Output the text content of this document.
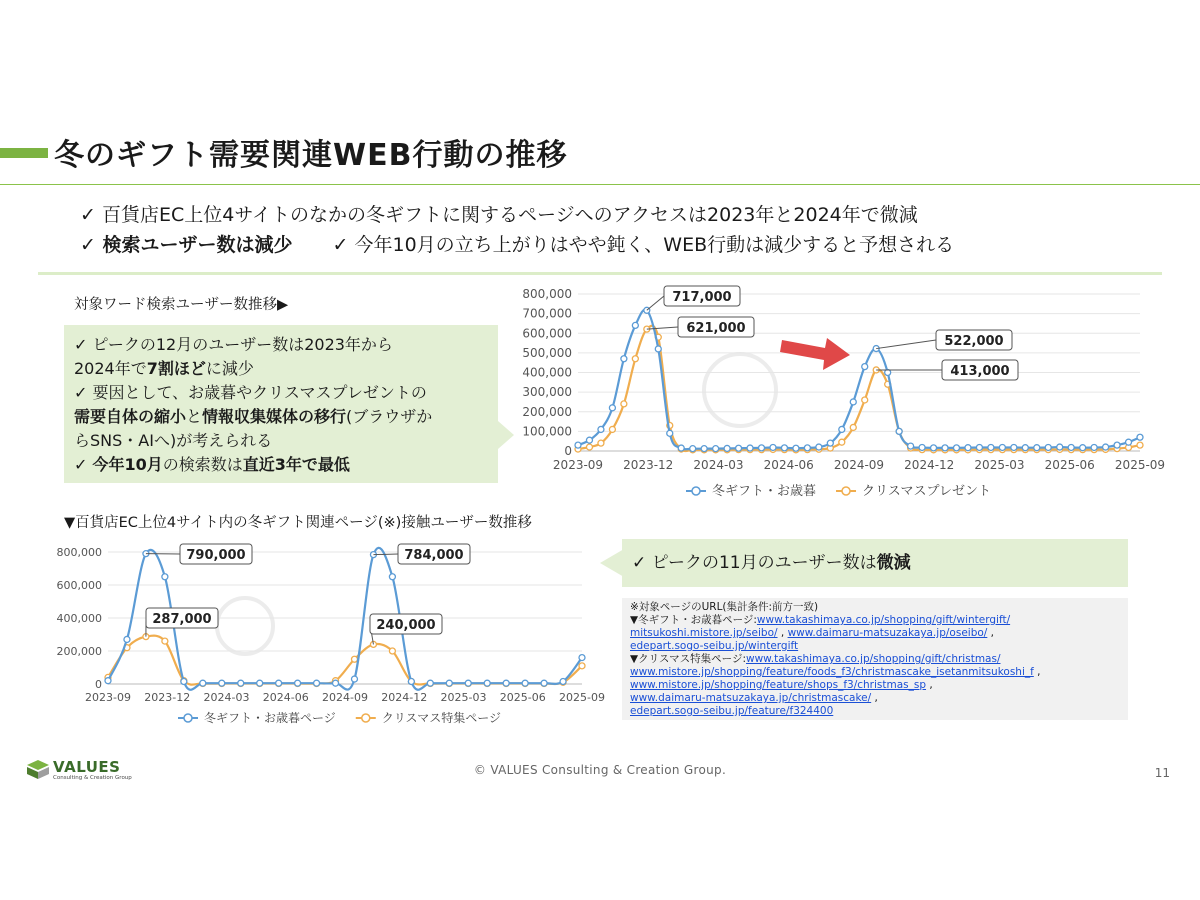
冬のギフト需要関連WEB行動の推移
✓ 百貨店EC上位4サイトのなかの冬ギフトに関するページへのアクセスは2023年と2024年で微減
✓ 検索ユーザー数は減少 ✓ 今年10月の立ち上がりはやや鈍く、WEB行動は減少すると予想される
対象ワード検索ユーザー数推移▶
✓ ピークの12月のユーザー数は2023年から
2024年で7割ほどに減少
✓ 要因として、お歳暮やクリスマスプレゼントの
需要自体の縮小と情報収集媒体の移行(ブラウザか
らSNS・AIへ)が考えられる
✓ 今年10月の検索数は直近3年で最低
0
100,000
200,000
300,000
400,000
500,000
600,000
700,000
800,000
2023-09 2023-12 2024-03 2024-06 2024-09 2024-12 2025-03 2025-06 2025-09
717,000
621,000
522,000
413,000
冬ギフト・お歳暮	クリスマスプレゼント
▼百貨店EC上位4サイト内の冬ギフト関連ページ(※)接触ユーザー数推移
0
200,000
400,000
600,000
800,000
2023-09 2023-12 2024-03 2024-06 2024-09 2024-12 2025-03 2025-06 2025-09
790,000
287,000
784,000
240,000
冬ギフト・お歳暮ページ	クリスマス特集ページ
✓ ピークの11月のユーザー数は微減
※対象ページのURL(集計条件:前方一致)
▼冬ギフト・お歳暮ページ:www.takashimaya.co.jp/shopping/gift/wintergift/
mitsukoshi.mistore.jp/seibo/ , www.daimaru-matsuzakaya.jp/oseibo/ ,
edepart.sogo-seibu.jp/wintergift
▼クリスマス特集ページ:www.takashimaya.co.jp/shopping/gift/christmas/
www.mistore.jp/shopping/feature/foods_f3/christmascake_isetanmitsukoshi_f ,
www.mistore.jp/shopping/feature/shops_f3/christmas_sp ,
www.daimaru-matsuzakaya.jp/christmascake/ ,
edepart.sogo-seibu.jp/feature/f324400
VALUES
Consulting & Creation Group
© VALUES Consulting & Creation Group.	11
